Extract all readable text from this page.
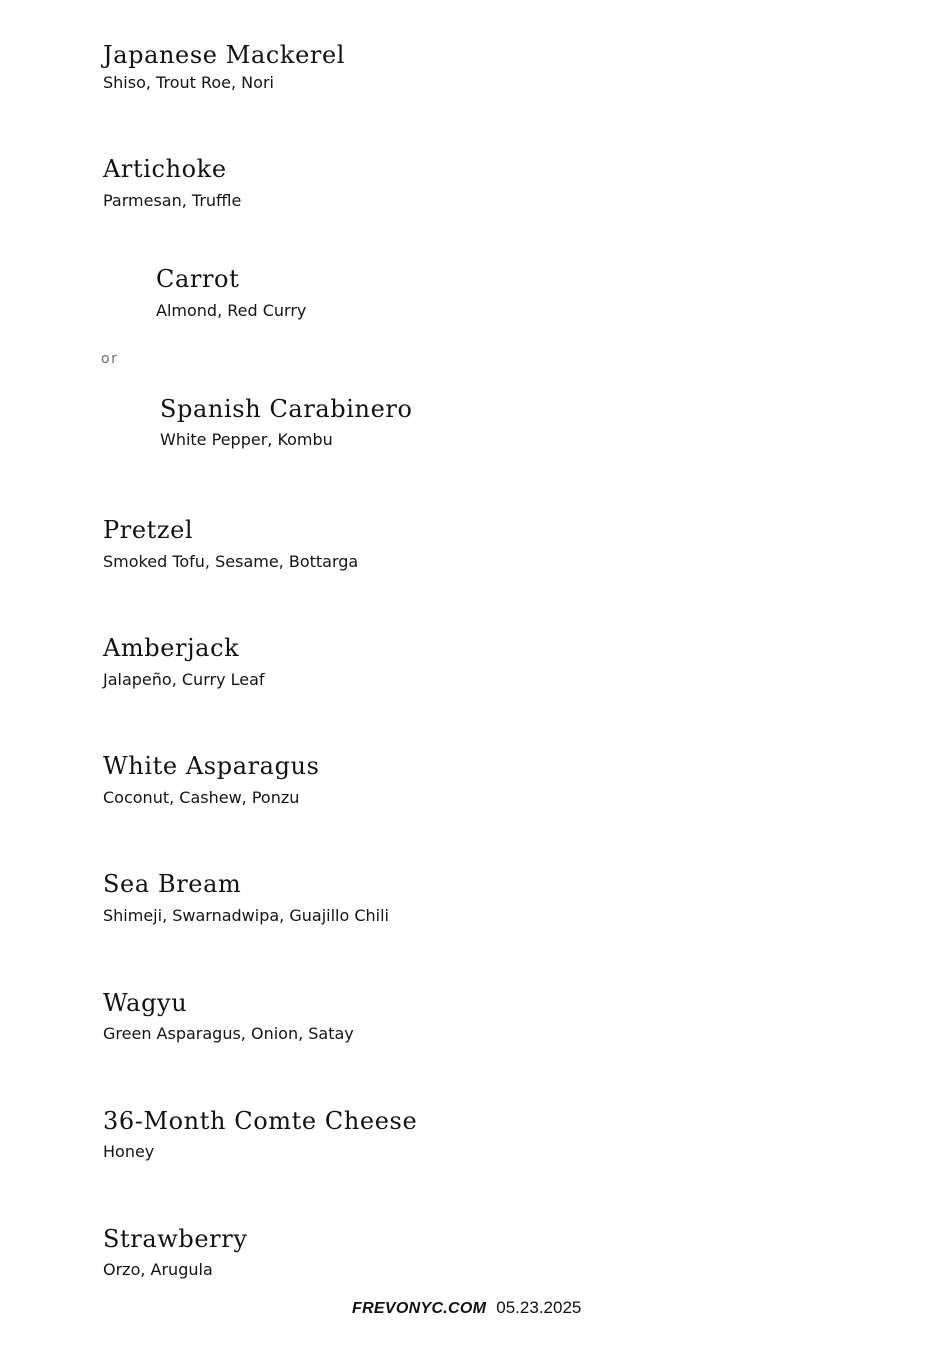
Japanese Mackerel
Shiso, Trout Roe, Nori
Artichoke
Parmesan, Truffle
Carrot
Almond, Red Curry
or
Spanish Carabinero
White Pepper, Kombu
Pretzel
Smoked Tofu, Sesame, Bottarga
Amberjack
Jalapeño, Curry Leaf
White Asparagus
Coconut, Cashew, Ponzu
Sea Bream
Shimeji, Swarnadwipa, Guajillo Chili
Wagyu
Green Asparagus, Onion, Satay
36-Month Comte Cheese
Honey
Strawberry
Orzo, Arugula
FREVONYC.COM 05.23.2025
